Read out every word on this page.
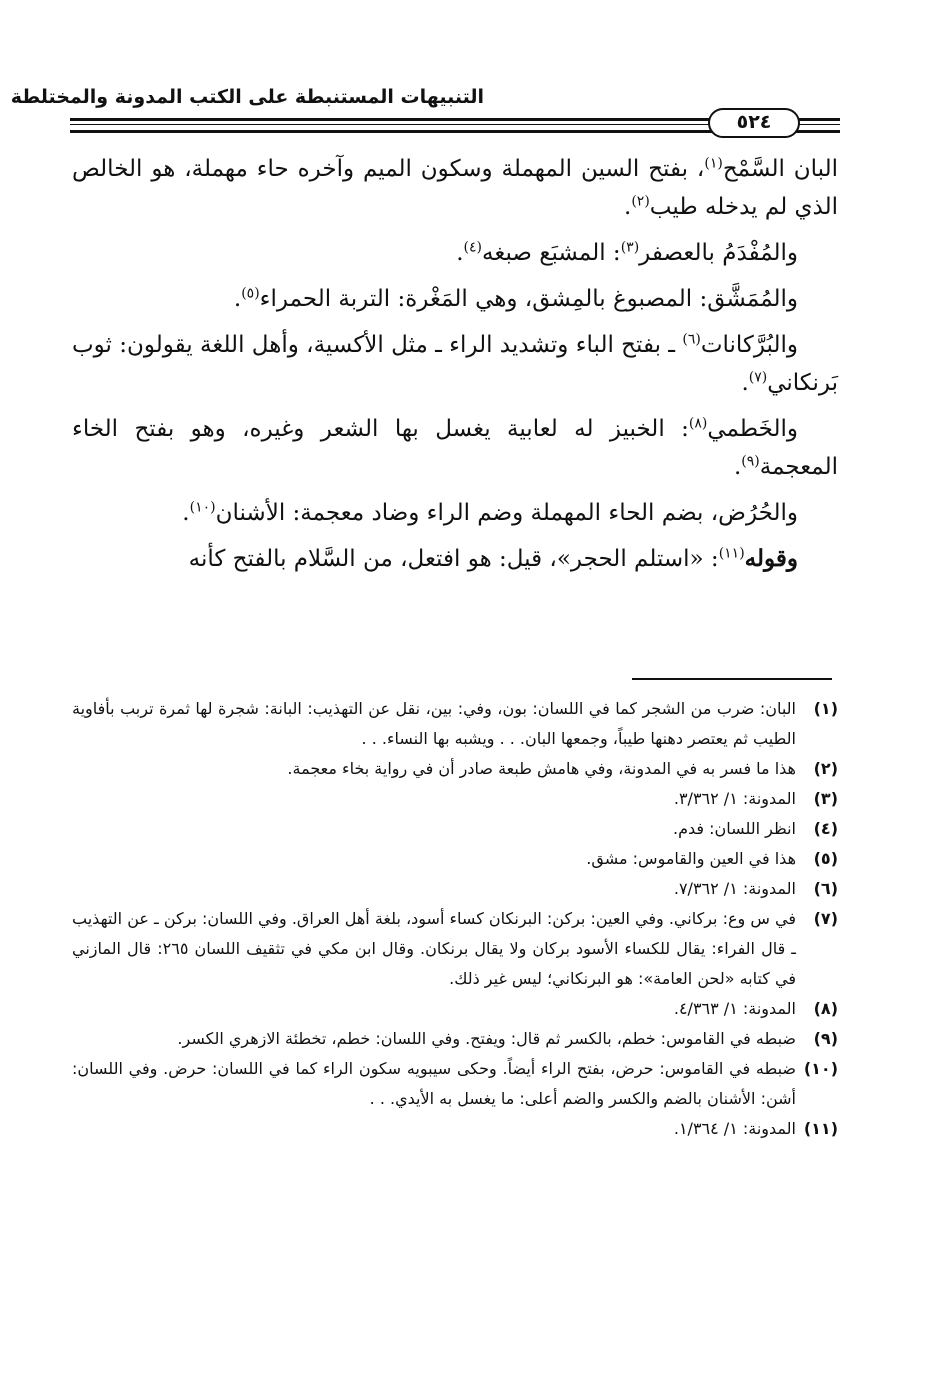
التنبيهات المستنبطة على الكتب المدونة والمختلطة
٥٢٤

البان السَّمْح$^{(١)}$، بفتح السين المهملة وسكون الميم وآخره حاء مهملة، هو الخالص الذي لم يدخله طيب$^{(٢)}$.

والمُفْدَمُ بالعصفر$^{(٣)}$: المشبَع صبغه$^{(٤)}$.

والمُمَشَّق: المصبوغ بالمِشق، وهي المَغْرة: التربة الحمراء$^{(٥)}$.

والبُرَّكانات$^{(٦)}$ ـ بفتح الباء وتشديد الراء ـ مثل الأكسية، وأهل اللغة يقولون: ثوب بَرنكاني$^{(٧)}$.

والخَطمي$^{(٨)}$: الخبيز له لعابية يغسل بها الشعر وغيره، وهو بفتح الخاء المعجمة$^{(٩)}$.

والحُرُض، بضم الحاء المهملة وضم الراء وضاد معجمة: الأشنان$^{(١٠)}$.

وقوله$^{(١١)}$: «استلم الحجر»، قيل: هو افتعل، من السَّلام بالفتح كأنه

(١)
البان: ضرب من الشجر كما في اللسان: بون، وفي: بين، نقل عن التهذيب: البانة: شجرة لها ثمرة تربب بأفاوية الطيب ثم يعتصر دهنها طيباً، وجمعها البان. . . ويشبه بها النساء. . .
(٢)
هذا ما فسر به في المدونة، وفي هامش طبعة صادر أن في رواية بخاء معجمة.
(٣)
المدونة: ١/ ٣/٣٦٢.
(٤)
انظر اللسان: فدم.
(٥)
هذا في العين والقاموس: مشق.
(٦)
المدونة: ١/ ٧/٣٦٢.
(٧)
في س وع: بركاني. وفي العين: بركن: البرنكان كساء أسود، بلغة أهل العراق. وفي اللسان: بركن ـ عن التهذيب ـ قال الفراء: يقال للكساء الأسود بركان ولا يقال برنكان. وقال ابن مكي في تثقيف اللسان ٢٦٥: قال المازني في كتابه «لحن العامة»: هو البرنكاني؛ ليس غير ذلك.
(٨)
المدونة: ١/ ٤/٣٦٣.
(٩)
ضبطه في القاموس: خطم، بالكسر ثم قال: ويفتح. وفي اللسان: خطم، تخطئة الازهري الكسر.
(١٠)
ضبطه في القاموس: حرض، بفتح الراء أيضاً. وحكى سيبويه سكون الراء كما في اللسان: حرض. وفي اللسان: أشن: الأشنان بالضم والكسر والضم أعلى: ما يغسل به الأيدي. . .
(١١)
المدونة: ١/ ١/٣٦٤.
